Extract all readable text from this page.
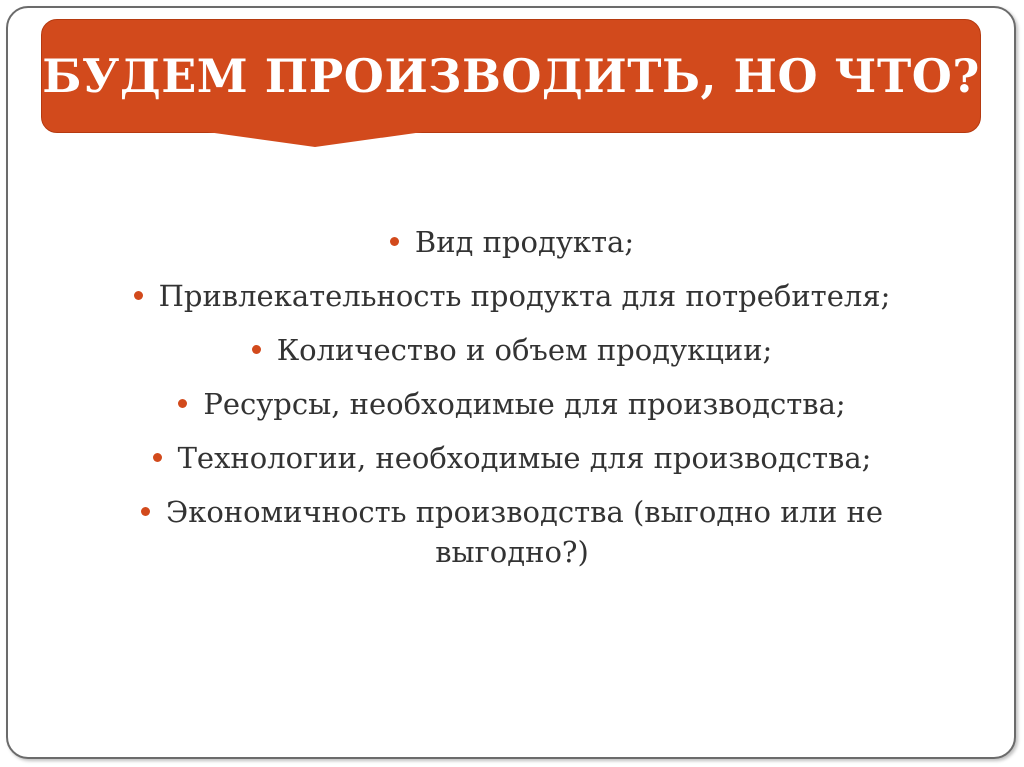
БУДЕМ ПРОИЗВОДИТЬ, НО ЧТО?
Вид продукта;
Привлекательность продукта для потребителя;
Количество и объем продукции;
Ресурсы, необходимые для производства;
Технологии, необходимые для производства;
Экономичность производства (выгодно или не выгодно?)
